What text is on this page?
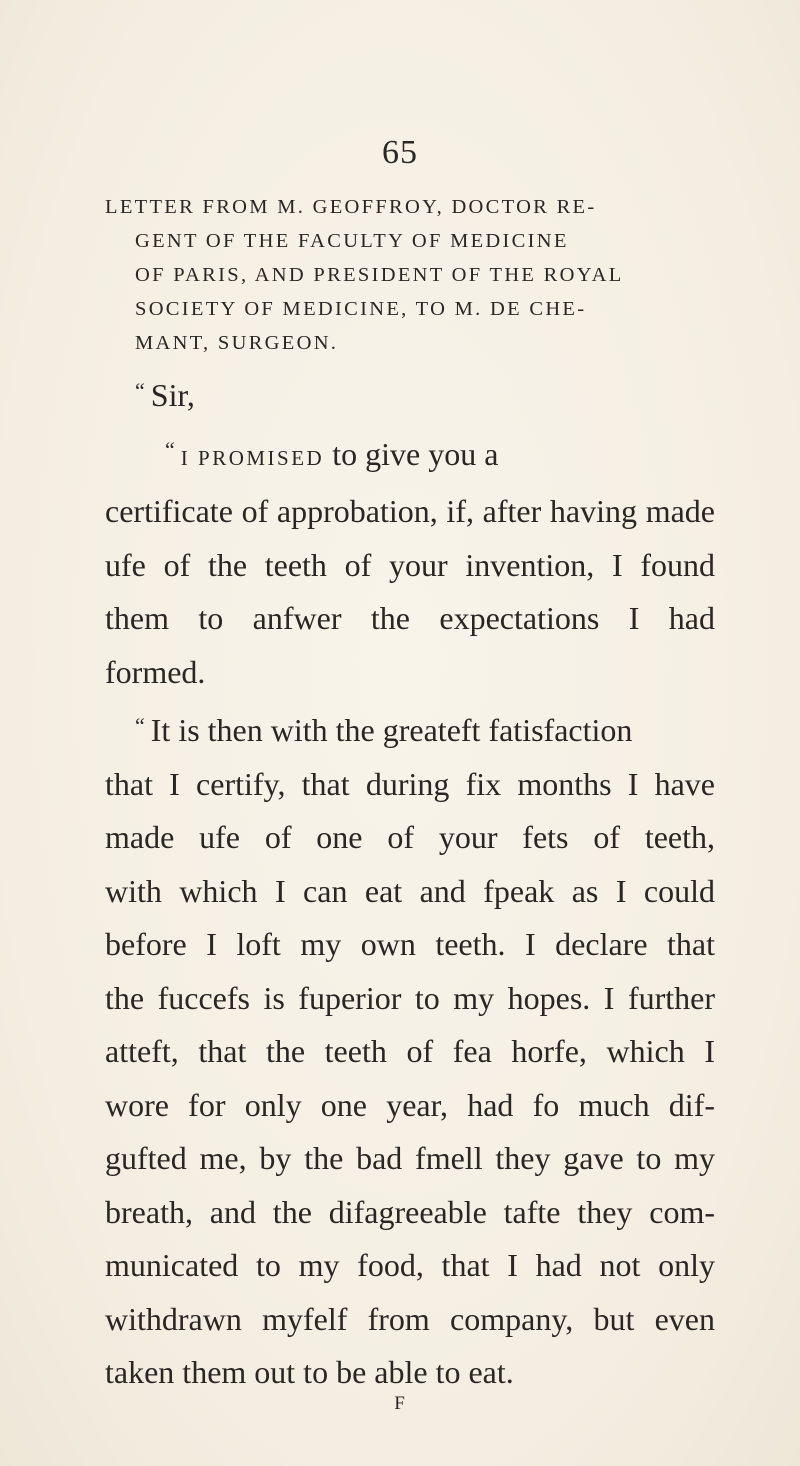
65
LETTER FROM M. GEOFFROY, DOCTOR RE-
GENT OF THE FACULTY OF MEDICINE
OF PARIS, AND PRESIDENT OF THE ROYAL
SOCIETY OF MEDICINE, TO M. DE CHE-
MANT, SURGEON.
“ Sir,
“ I PROMISED to give you a
certificate of approbation, if, after having made
ufe of the teeth of your invention, I found
them to anfwer the expectations I had
formed.
“ It is then with the greateft fatisfaction
that I certify, that during fix months I have
made ufe of one of your fets of teeth,
with which I can eat and fpeak as I could
before I loft my own teeth. I declare that
the fuccefs is fuperior to my hopes. I further
atteft, that the teeth of fea horfe, which I
wore for only one year, had fo much dif-
gufted me, by the bad fmell they gave to my
breath, and the difagreeable tafte they com-
municated to my food, that I had not only
withdrawn myfelf from company, but even
taken them out to be able to eat.
F
